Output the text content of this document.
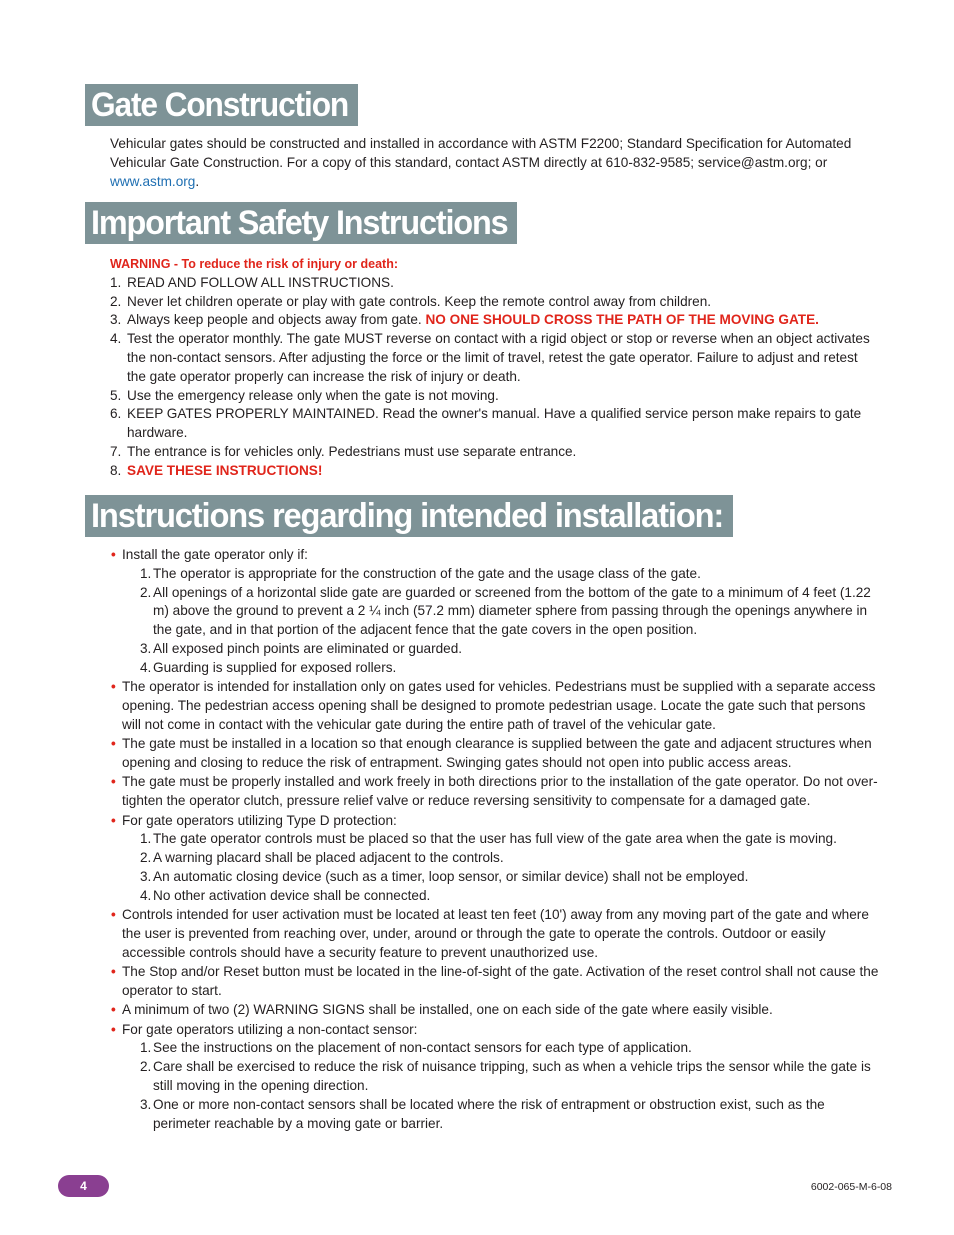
Gate Construction
Vehicular gates should be constructed and installed in accordance with ASTM F2200; Standard Specification for Automated Vehicular Gate Construction. For a copy of this standard, contact ASTM directly at 610-832-9585; service@astm.org; or www.astm.org.
Important Safety Instructions
WARNING - To reduce the risk of injury or death:
1. READ AND FOLLOW ALL INSTRUCTIONS.
2. Never let children operate or play with gate controls. Keep the remote control away from children.
3. Always keep people and objects away from gate. NO ONE SHOULD CROSS THE PATH OF THE MOVING GATE.
4. Test the operator monthly. The gate MUST reverse on contact with a rigid object or stop or reverse when an object activates the non-contact sensors. After adjusting the force or the limit of travel, retest the gate operator. Failure to adjust and retest the gate operator properly can increase the risk of injury or death.
5. Use the emergency release only when the gate is not moving.
6. KEEP GATES PROPERLY MAINTAINED. Read the owner's manual. Have a qualified service person make repairs to gate hardware.
7. The entrance is for vehicles only. Pedestrians must use separate entrance.
8. SAVE THESE INSTRUCTIONS!
Instructions regarding intended installation:
• Install the gate operator only if:
1. The operator is appropriate for the construction of the gate and the usage class of the gate.
2. All openings of a horizontal slide gate are guarded or screened from the bottom of the gate to a minimum of 4 feet (1.22 m) above the ground to prevent a 2 ¼ inch (57.2 mm) diameter sphere from passing through the openings anywhere in the gate, and in that portion of the adjacent fence that the gate covers in the open position.
3. All exposed pinch points are eliminated or guarded.
4. Guarding is supplied for exposed rollers.
• The operator is intended for installation only on gates used for vehicles. Pedestrians must be supplied with a separate access opening. The pedestrian access opening shall be designed to promote pedestrian usage. Locate the gate such that persons will not come in contact with the vehicular gate during the entire path of travel of the vehicular gate.
• The gate must be installed in a location so that enough clearance is supplied between the gate and adjacent structures when opening and closing to reduce the risk of entrapment. Swinging gates should not open into public access areas.
• The gate must be properly installed and work freely in both directions prior to the installation of the gate operator. Do not over-tighten the operator clutch, pressure relief valve or reduce reversing sensitivity to compensate for a damaged gate.
• For gate operators utilizing Type D protection:
1. The gate operator controls must be placed so that the user has full view of the gate area when the gate is moving.
2. A warning placard shall be placed adjacent to the controls.
3. An automatic closing device (such as a timer, loop sensor, or similar device) shall not be employed.
4. No other activation device shall be connected.
• Controls intended for user activation must be located at least ten feet (10') away from any moving part of the gate and where the user is prevented from reaching over, under, around or through the gate to operate the controls. Outdoor or easily accessible controls should have a security feature to prevent unauthorized use.
• The Stop and/or Reset button must be located in the line-of-sight of the gate. Activation of the reset control shall not cause the operator to start.
• A minimum of two (2) WARNING SIGNS shall be installed, one on each side of the gate where easily visible.
• For gate operators utilizing a non-contact sensor:
1. See the instructions on the placement of non-contact sensors for each type of application.
2. Care shall be exercised to reduce the risk of nuisance tripping, such as when a vehicle trips the sensor while the gate is still moving in the opening direction.
3. One or more non-contact sensors shall be located where the risk of entrapment or obstruction exist, such as the perimeter reachable by a moving gate or barrier.
4	6002-065-M-6-08
